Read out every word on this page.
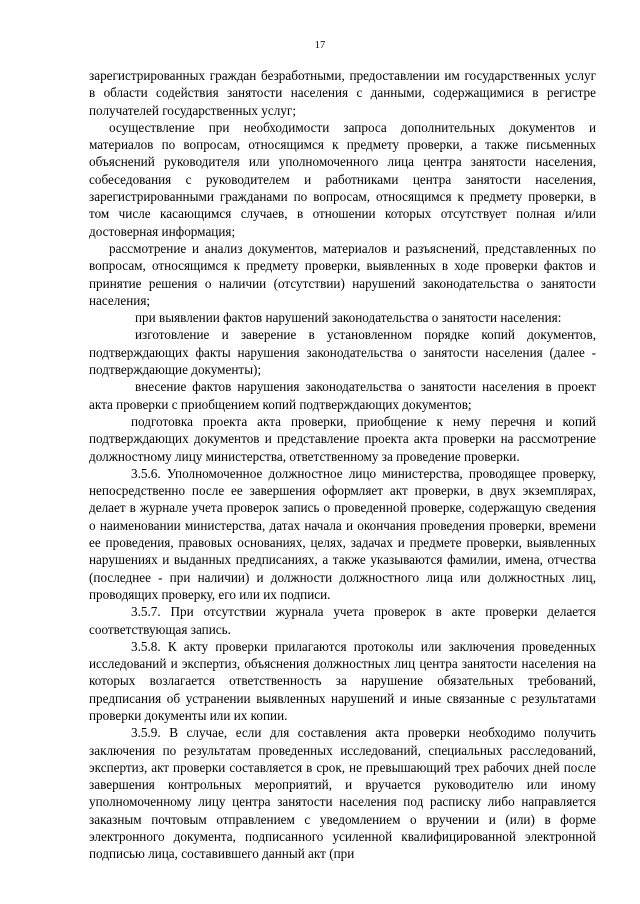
17

зарегистрированных граждан безработными, предоставлении им государственных услуг в области содействия занятости населения с данными, содержащимися в регистре получателей государственных услуг;

осуществление при необходимости запроса дополнительных документов и материалов по вопросам, относящимся к предмету проверки, а также письменных объяснений руководителя или уполномоченного лица центра занятости населения, собеседования с руководителем и работниками центра занятости населения, зарегистрированными гражданами по вопросам, относящимся к предмету проверки, в том числе касающимся случаев, в отношении которых отсутствует полная и/или достоверная информация;

рассмотрение и анализ документов, материалов и разъяснений, представленных по вопросам, относящимся к предмету проверки, выявленных в ходе проверки фактов и принятие решения о наличии (отсутствии) нарушений законодательства о занятости населения;

при выявлении фактов нарушений законодательства о занятости населения:

изготовление и заверение в установленном порядке копий документов, подтверждающих факты нарушения законодательства о занятости населения (далее - подтверждающие документы);

внесение фактов нарушения законодательства о занятости населения в проект акта проверки с приобщением копий подтверждающих документов;

подготовка проекта акта проверки, приобщение к нему перечня и копий подтверждающих документов и представление проекта акта проверки на рассмотрение должностному лицу министерства, ответственному за проведение проверки.

3.5.6. Уполномоченное должностное лицо министерства, проводящее проверку, непосредственно после ее завершения оформляет акт проверки, в двух экземплярах, делает в журнале учета проверок запись о проведенной проверке, содержащую сведения о наименовании министерства, датах начала и окончания проведения проверки, времени ее проведения, правовых основаниях, целях, задачах и предмете проверки, выявленных нарушениях и выданных предписаниях, а также указываются фамилии, имена, отчества (последнее - при наличии) и должности должностного лица или должностных лиц, проводящих проверку, его или их подписи.

3.5.7. При отсутствии журнала учета проверок в акте проверки делается соответствующая запись.

3.5.8. К акту проверки прилагаются протоколы или заключения проведенных исследований и экспертиз, объяснения должностных лиц центра занятости населения на которых возлагается ответственность за нарушение обязательных требований, предписания об устранении выявленных нарушений и иные связанные с результатами проверки документы или их копии.

3.5.9. В случае, если для составления акта проверки необходимо получить заключения по результатам проведенных исследований, специальных расследований, экспертиз, акт проверки составляется в срок, не превышающий трех рабочих дней после завершения контрольных мероприятий, и вручается руководителю или иному уполномоченному лицу центра занятости населения под расписку либо направляется заказным почтовым отправлением с уведомлением о вручении и (или) в форме электронного документа, подписанного усиленной квалифицированной электронной подписью лица, составившего данный акт (при
